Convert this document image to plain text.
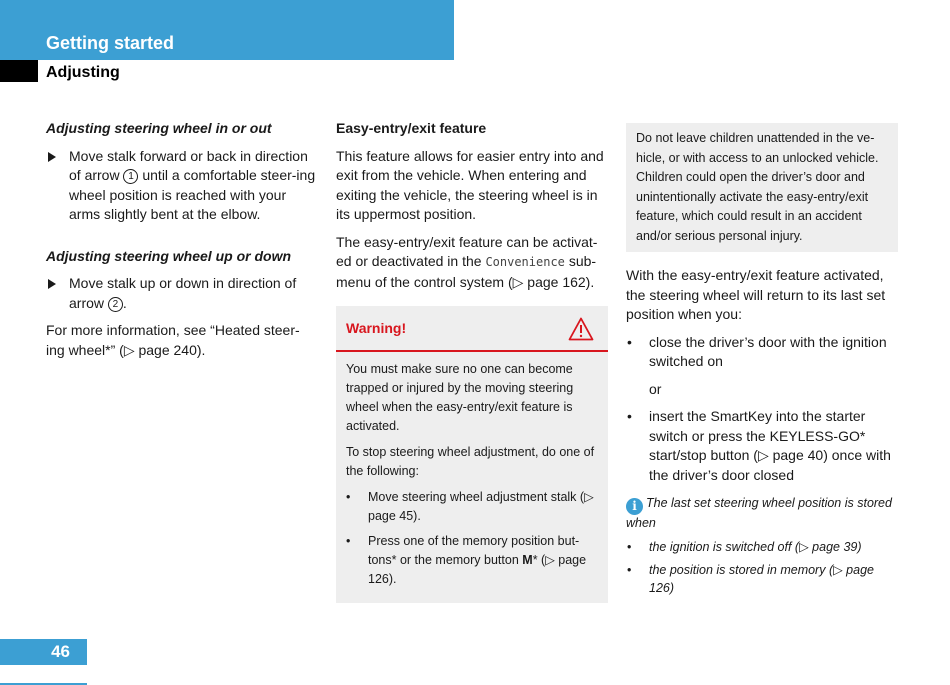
Getting started
Adjusting
Adjusting steering wheel in or out
Move stalk forward or back in direction of arrow 1 until a comfortable steer-ing wheel position is reached with your arms slightly bent at the elbow.
Adjusting steering wheel up or down
Move stalk up or down in direction of arrow 2 .

For more information, see “Heated steer-ing wheel*” (▷ page 240).

Easy-entry/exit feature

This feature allows for easier entry into and exit from the vehicle. When entering and exiting the vehicle, the steering wheel is in its uppermost position.

The easy-entry/exit feature can be activat-ed or deactivated in the Convenience sub-menu of the control system (▷ page 162).

Warning!

You must make sure no one can become trapped or injured by the moving steering wheel when the easy-entry/exit feature is activated.

To stop steering wheel adjustment, do one of the following:

• Move steering wheel adjustment stalk (▷ page 45).
• Press one of the memory position but-tons* or the memory button M* (▷ page 126).
Do not leave children unattended in the ve-hicle, or with access to an unlocked vehicle. Children could open the driver’s door and unintentionally activate the easy-entry/exit feature, which could result in an accident and/or serious personal injury.

With the easy-entry/exit feature activated, the steering wheel will return to its last set position when you:

• close the driver’s door with the ignition switched on
or
• insert the SmartKey into the starter switch or press the KEYLESS-GO* start/stop button (▷ page 40) once with the driver’s door closed
i The last set steering wheel position is stored when
• the ignition is switched off (▷ page 39)
• the position is stored in memory (▷ page 126)
46
